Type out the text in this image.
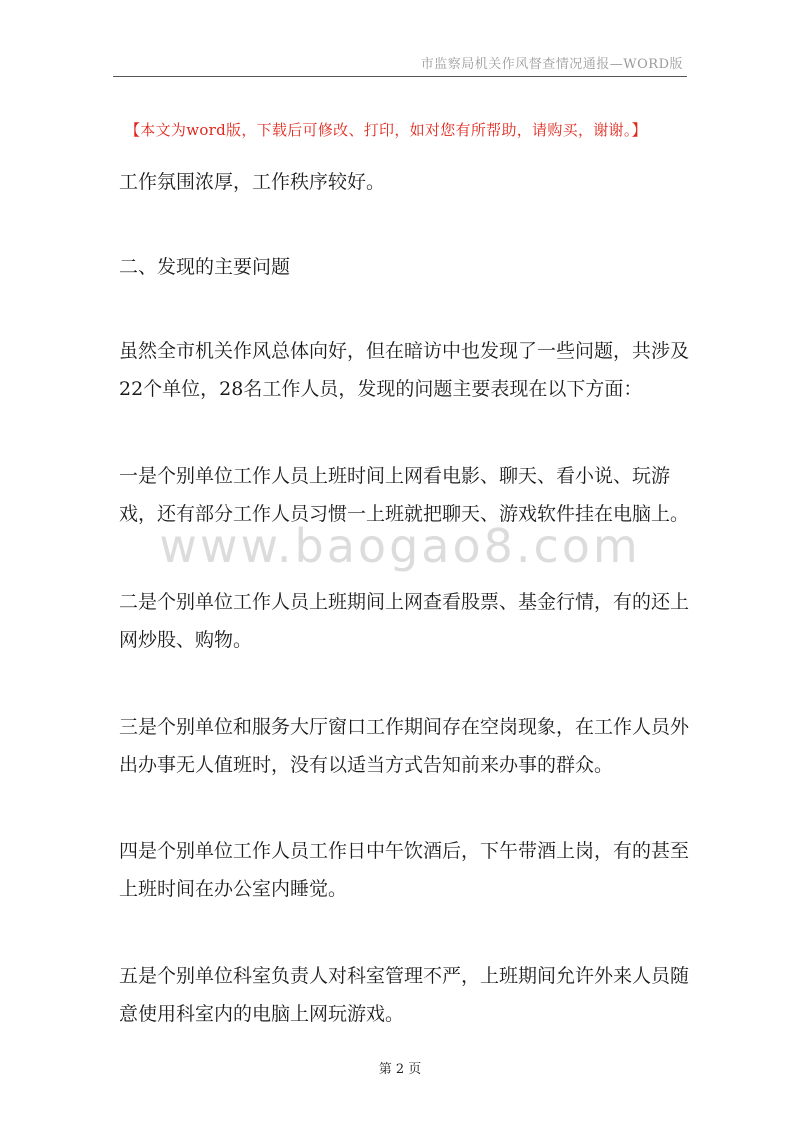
市监察局机关作风督查情况通报—WORD版
【本文为word版，下载后可修改、打印，如对您有所帮助，请购买，谢谢。】

工作氛围浓厚，工作秩序较好。

二、发现的主要问题

虽然全市机关作风总体向好，但在暗访中也发现了一些问题，共涉及22个单位，28名工作人员，发现的问题主要表现在以下方面：

一是个别单位工作人员上班时间上网看电影、聊天、看小说、玩游戏，还有部分工作人员习惯一上班就把聊天、游戏软件挂在电脑上。

二是个别单位工作人员上班期间上网查看股票、基金行情，有的还上网炒股、购物。

三是个别单位和服务大厅窗口工作期间存在空岗现象，在工作人员外出办事无人值班时，没有以适当方式告知前来办事的群众。

四是个别单位工作人员工作日中午饮酒后，下午带酒上岗，有的甚至上班时间在办公室内睡觉。

五是个别单位科室负责人对科室管理不严，上班期间允许外来人员随意使用科室内的电脑上网玩游戏。

www.baogao8.com
第 2 页
